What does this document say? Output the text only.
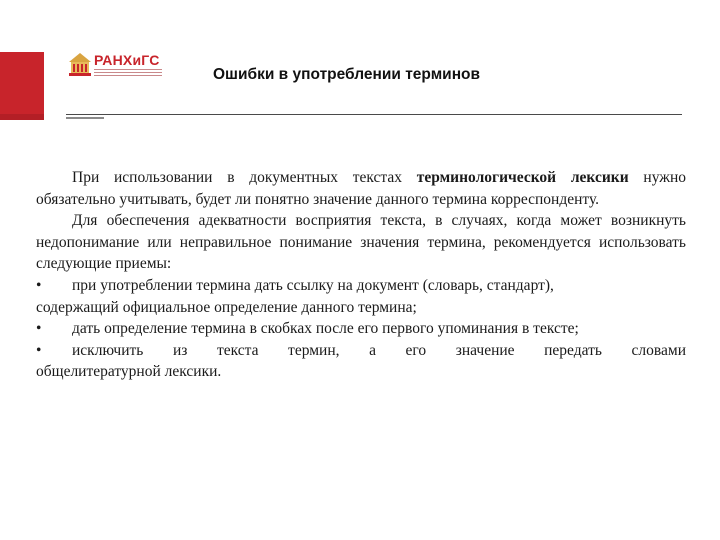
РАНХиГС
Ошибки в употреблении терминов

При использовании в документных текстах терминологической лексики нужно обязательно учитывать, будет ли понятно значение данного термина корреспонденту.

Для обеспечения адекватности восприятия текста, в случаях, когда может возникнуть недопонимание или неправильное понимание значения термина, рекомендуется использовать следующие приемы:

•	при употреблении термина дать ссылку на документ (словарь, стандарт),

содержащий официальное определение данного термина;

•	дать определение термина в скобках после его первого упоминания в тексте;
•	исключить из текста термин, а его значение передать словами

общелитературной лексики.
